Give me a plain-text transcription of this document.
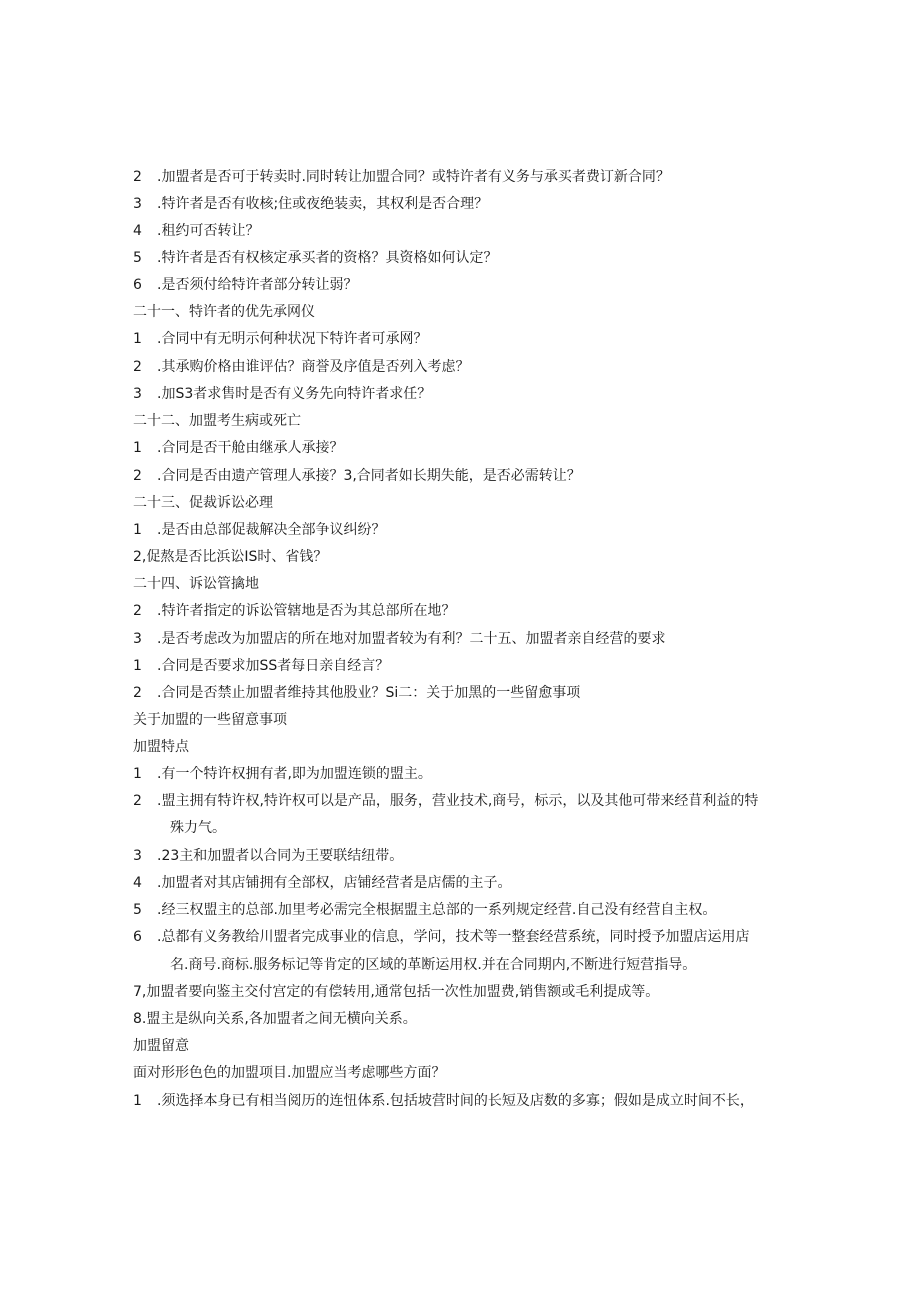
2 .加盟者是否可于转卖时.同时转让加盟合同？或特许者有义务与承买者费订新合同？
3 .特许者是否有收核;住或夜绝装卖，其权利是否合理？
4 .租约可否转让？
5 .特许者是否有权核定承买者的资格？具资格如何认定？
6 .是否须付给特许者部分转让弱？
二十一、特许者的优先承网仪
1 .合同中有无明示何种状况下特许者可承网？
2 .其承购价格由谁评估？商誉及序值是否列入考虑？
3 .加S3者求售时是否有义务先向特许者求任？
二十二、加盟考生病或死亡
1 .合同是否干舱由继承人承接？
2 .合同是否由遗产管理人承接？3,合同者如长期失能，是否必需转让？
二十三、促裁诉讼必理
1 .是否由总部促裁解决全部争议纠纷？
2,促熬是否比浜讼IS时、省钱？
二十四、诉讼管擒地
2 .特许者指定的诉讼管辖地是否为其总部所在地？
3 .是否考虑改为加盟店的所在地对加盟者较为有利？二十五、加盟者亲自经营的要求
1 .合同是否要求加SS者每日亲自经言？
2 .合同是否禁止加盟者维持其他股业？Si二：关于加黑的一些留愈事项
关于加盟的一些留意事项
加盟特点
1 .有一个特许权拥有者,即为加盟连锁的盟主。
2 .盟主拥有特许权,特许权可以是产品，服务，营业技术,商号，标示，以及其他可带来经苜利益的特
殊力气。
3 .23主和加盟者以合同为王要联结纽带。
4 .加盟者对其店铺拥有全部权，店铺经营者是店儒的主子。
5 .经三权盟主的总部.加里考必需完全根据盟主总部的一系列规定经营.自己没有经营自主权。
6 .总都有义务教给川盟者完成事业的信息，学问，技术等一整套经营系统，同时授予加盟店运用店
名.商号.商标.服务标记等肯定的区域的革断运用权.并在合同期内,不断进行短营指导。
7,加盟者要向鉴主交付宫定的有偿转用,通常包括一次性加盟费,销售额或毛利提成等。
8.盟主是纵向关系,各加盟者之间无横向关系。
加盟留意
面对形形色色的加盟项目.加盟应当考虑哪些方面？
1 .须选择本身已有相当阅历的连忸体系.包括坡营时间的长短及店数的多寡；假如是成立时间不长，
